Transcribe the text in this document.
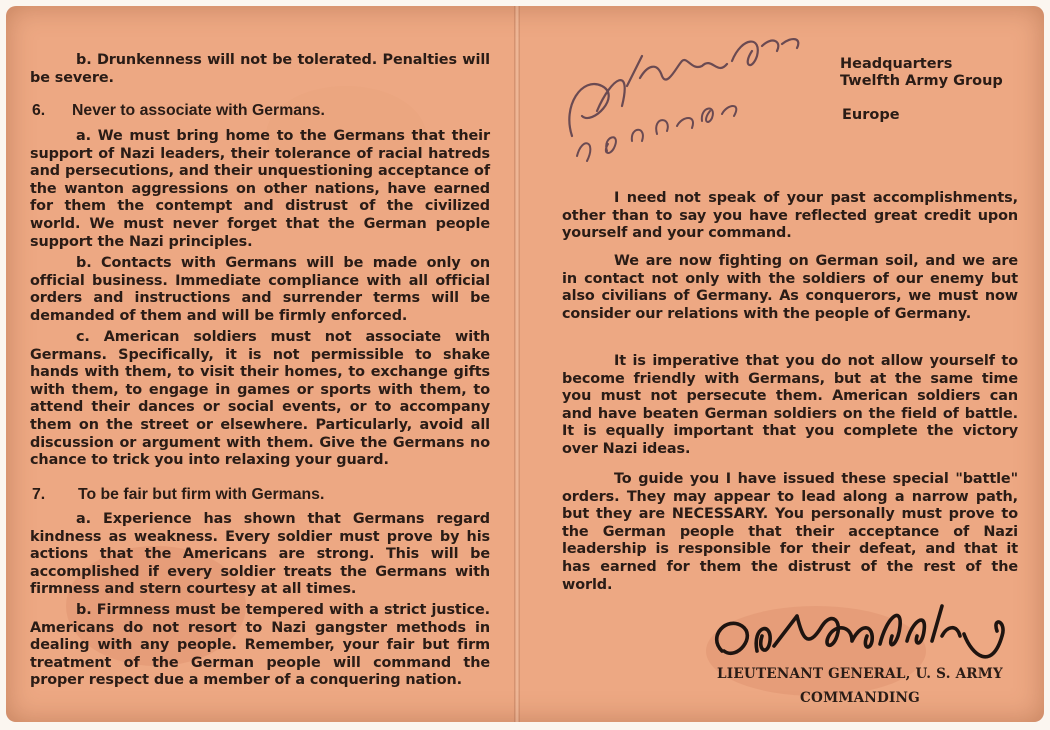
b. Drunkenness will not be tolerated. Penalties will be severe.

6. Never to associate with Germans.

a. We must bring home to the Germans that their support of Nazi leaders, their tolerance of racial hatreds and persecutions, and their unquestioning acceptance of the wanton aggressions on other nations, have earned for them the contempt and distrust of the civilized world. We must never forget that the German people support the Nazi principles.

b. Contacts with Germans will be made only on official business. Immediate compliance with all official orders and instructions and surrender terms will be demanded of them and will be firmly enforced.

c. American soldiers must not associate with Germans. Specifically, it is not permissible to shake hands with them, to visit their homes, to exchange gifts with them, to engage in games or sports with them, to attend their dances or social events, or to accompany them on the street or elsewhere. Particularly, avoid all discussion or argument with them. Give the Germans no chance to trick you into relaxing your guard.

7. To be fair but firm with Germans.

a. Experience has shown that Germans regard kindness as weakness. Every soldier must prove by his actions that the Americans are strong. This will be accomplished if every soldier treats the Germans with firmness and stern courtesy at all times.

b. Firmness must be tempered with a strict justice. Americans do not resort to Nazi gangster methods in dealing with any people. Remember, your fair but firm treatment of the German people will command the proper respect due a member of a conquering nation.

Headquarters
Twelfth Army Group
Europe

I need not speak of your past accomplishments, other than to say you have reflected great credit upon yourself and your command.

We are now fighting on German soil, and we are in contact not only with the soldiers of our enemy but also civilians of Germany. As conquerors, we must now consider our relations with the people of Germany.

It is imperative that you do not allow yourself to become friendly with Germans, but at the same time you must not persecute them. American soldiers can and have beaten German soldiers on the field of battle. It is equally important that you complete the victory over Nazi ideas.

To guide you I have issued these special "battle" orders. They may appear to lead along a narrow path, but they are NECESSARY. You personally must prove to the German people that their acceptance of Nazi leadership is responsible for their defeat, and that it has earned for them the distrust of the rest of the world.

LIEUTENANT GENERAL, U. S. ARMY
COMMANDING
